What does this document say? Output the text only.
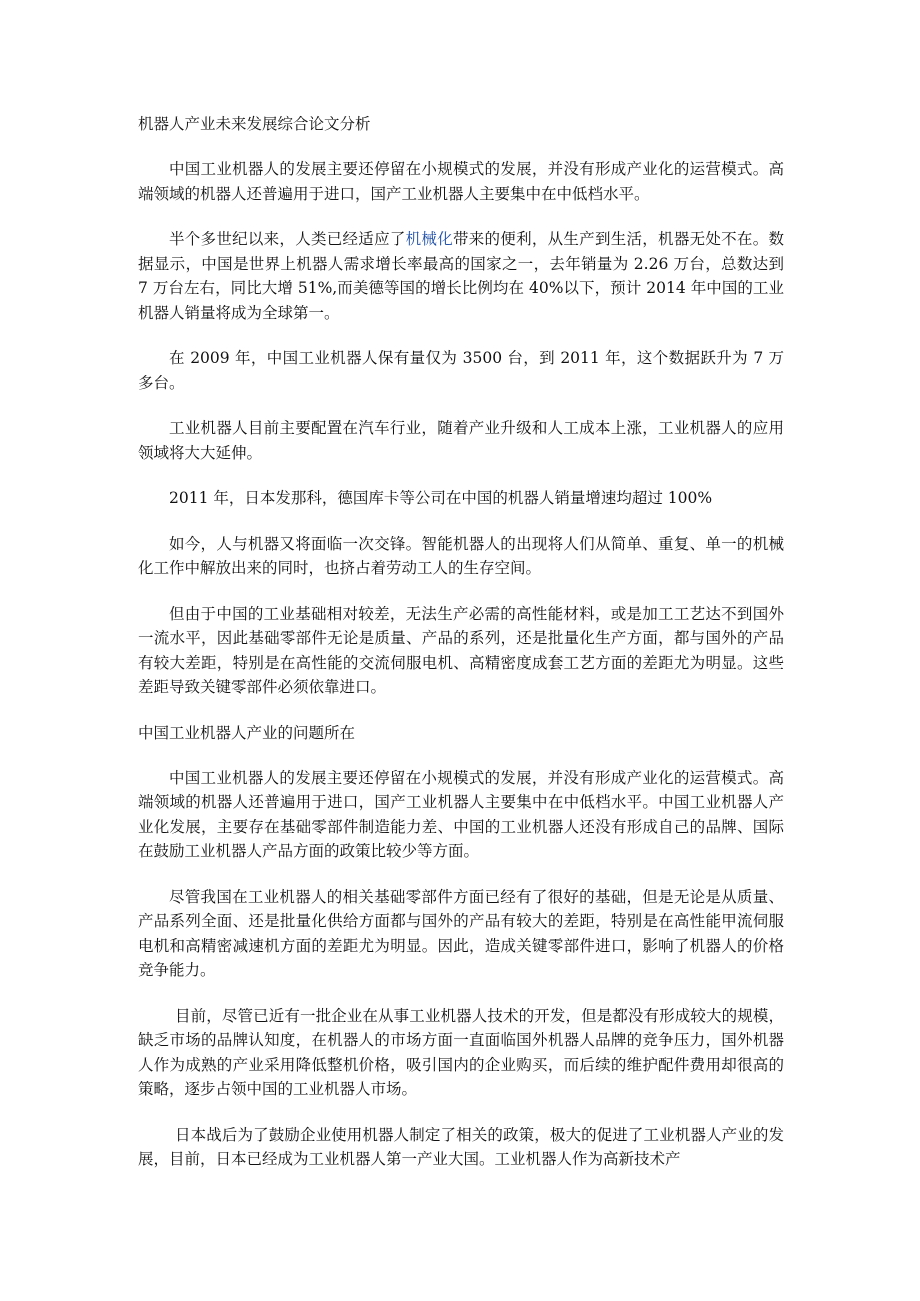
机器人产业未来发展综合论文分析

中国工业机器人的发展主要还停留在小规模式的发展，并没有形成产业化的运营模式。高端领域的机器人还普遍用于进口，国产工业机器人主要集中在中低档水平。

半个多世纪以来，人类已经适应了机械化带来的便利，从生产到生活，机器无处不在。数据显示，中国是世界上机器人需求增长率最高的国家之一，去年销量为 2.26 万台，总数达到 7 万台左右，同比大增 51%,而美德等国的增长比例均在 40%以下，预计 2014 年中国的工业机器人销量将成为全球第一。

在 2009 年，中国工业机器人保有量仅为 3500 台，到 2011 年，这个数据跃升为 7 万多台。

工业机器人目前主要配置在汽车行业，随着产业升级和人工成本上涨，工业机器人的应用领域将大大延伸。

2011 年，日本发那科，德国库卡等公司在中国的机器人销量增速均超过 100%

如今，人与机器又将面临一次交锋。智能机器人的出现将人们从简单、重复、单一的机械化工作中解放出来的同时，也挤占着劳动工人的生存空间。

但由于中国的工业基础相对较差，无法生产必需的高性能材料，或是加工工艺达不到国外一流水平，因此基础零部件无论是质量、产品的系列，还是批量化生产方面，都与国外的产品有较大差距，特别是在高性能的交流伺服电机、高精密度成套工艺方面的差距尤为明显。这些差距导致关键零部件必须依靠进口。

中国工业机器人产业的问题所在

中国工业机器人的发展主要还停留在小规模式的发展，并没有形成产业化的运营模式。高端领域的机器人还普遍用于进口，国产工业机器人主要集中在中低档水平。中国工业机器人产业化发展，主要存在基础零部件制造能力差、中国的工业机器人还没有形成自己的品牌、国际在鼓励工业机器人产品方面的政策比较少等方面。

尽管我国在工业机器人的相关基础零部件方面已经有了很好的基础，但是无论是从质量、产品系列全面、还是批量化供给方面都与国外的产品有较大的差距，特别是在高性能甲流伺服电机和高精密减速机方面的差距尤为明显。因此，造成关键零部件进口，影响了机器人的价格竞争能力。

目前，尽管已近有一批企业在从事工业机器人技术的开发，但是都没有形成较大的规模，缺乏市场的品牌认知度，在机器人的市场方面一直面临国外机器人品牌的竞争压力，国外机器人作为成熟的产业采用降低整机价格，吸引国内的企业购买，而后续的维护配件费用却很高的策略，逐步占领中国的工业机器人市场。

日本战后为了鼓励企业使用机器人制定了相关的政策，极大的促进了工业机器人产业的发展，目前，日本已经成为工业机器人第一产业大国。工业机器人作为高新技术产
